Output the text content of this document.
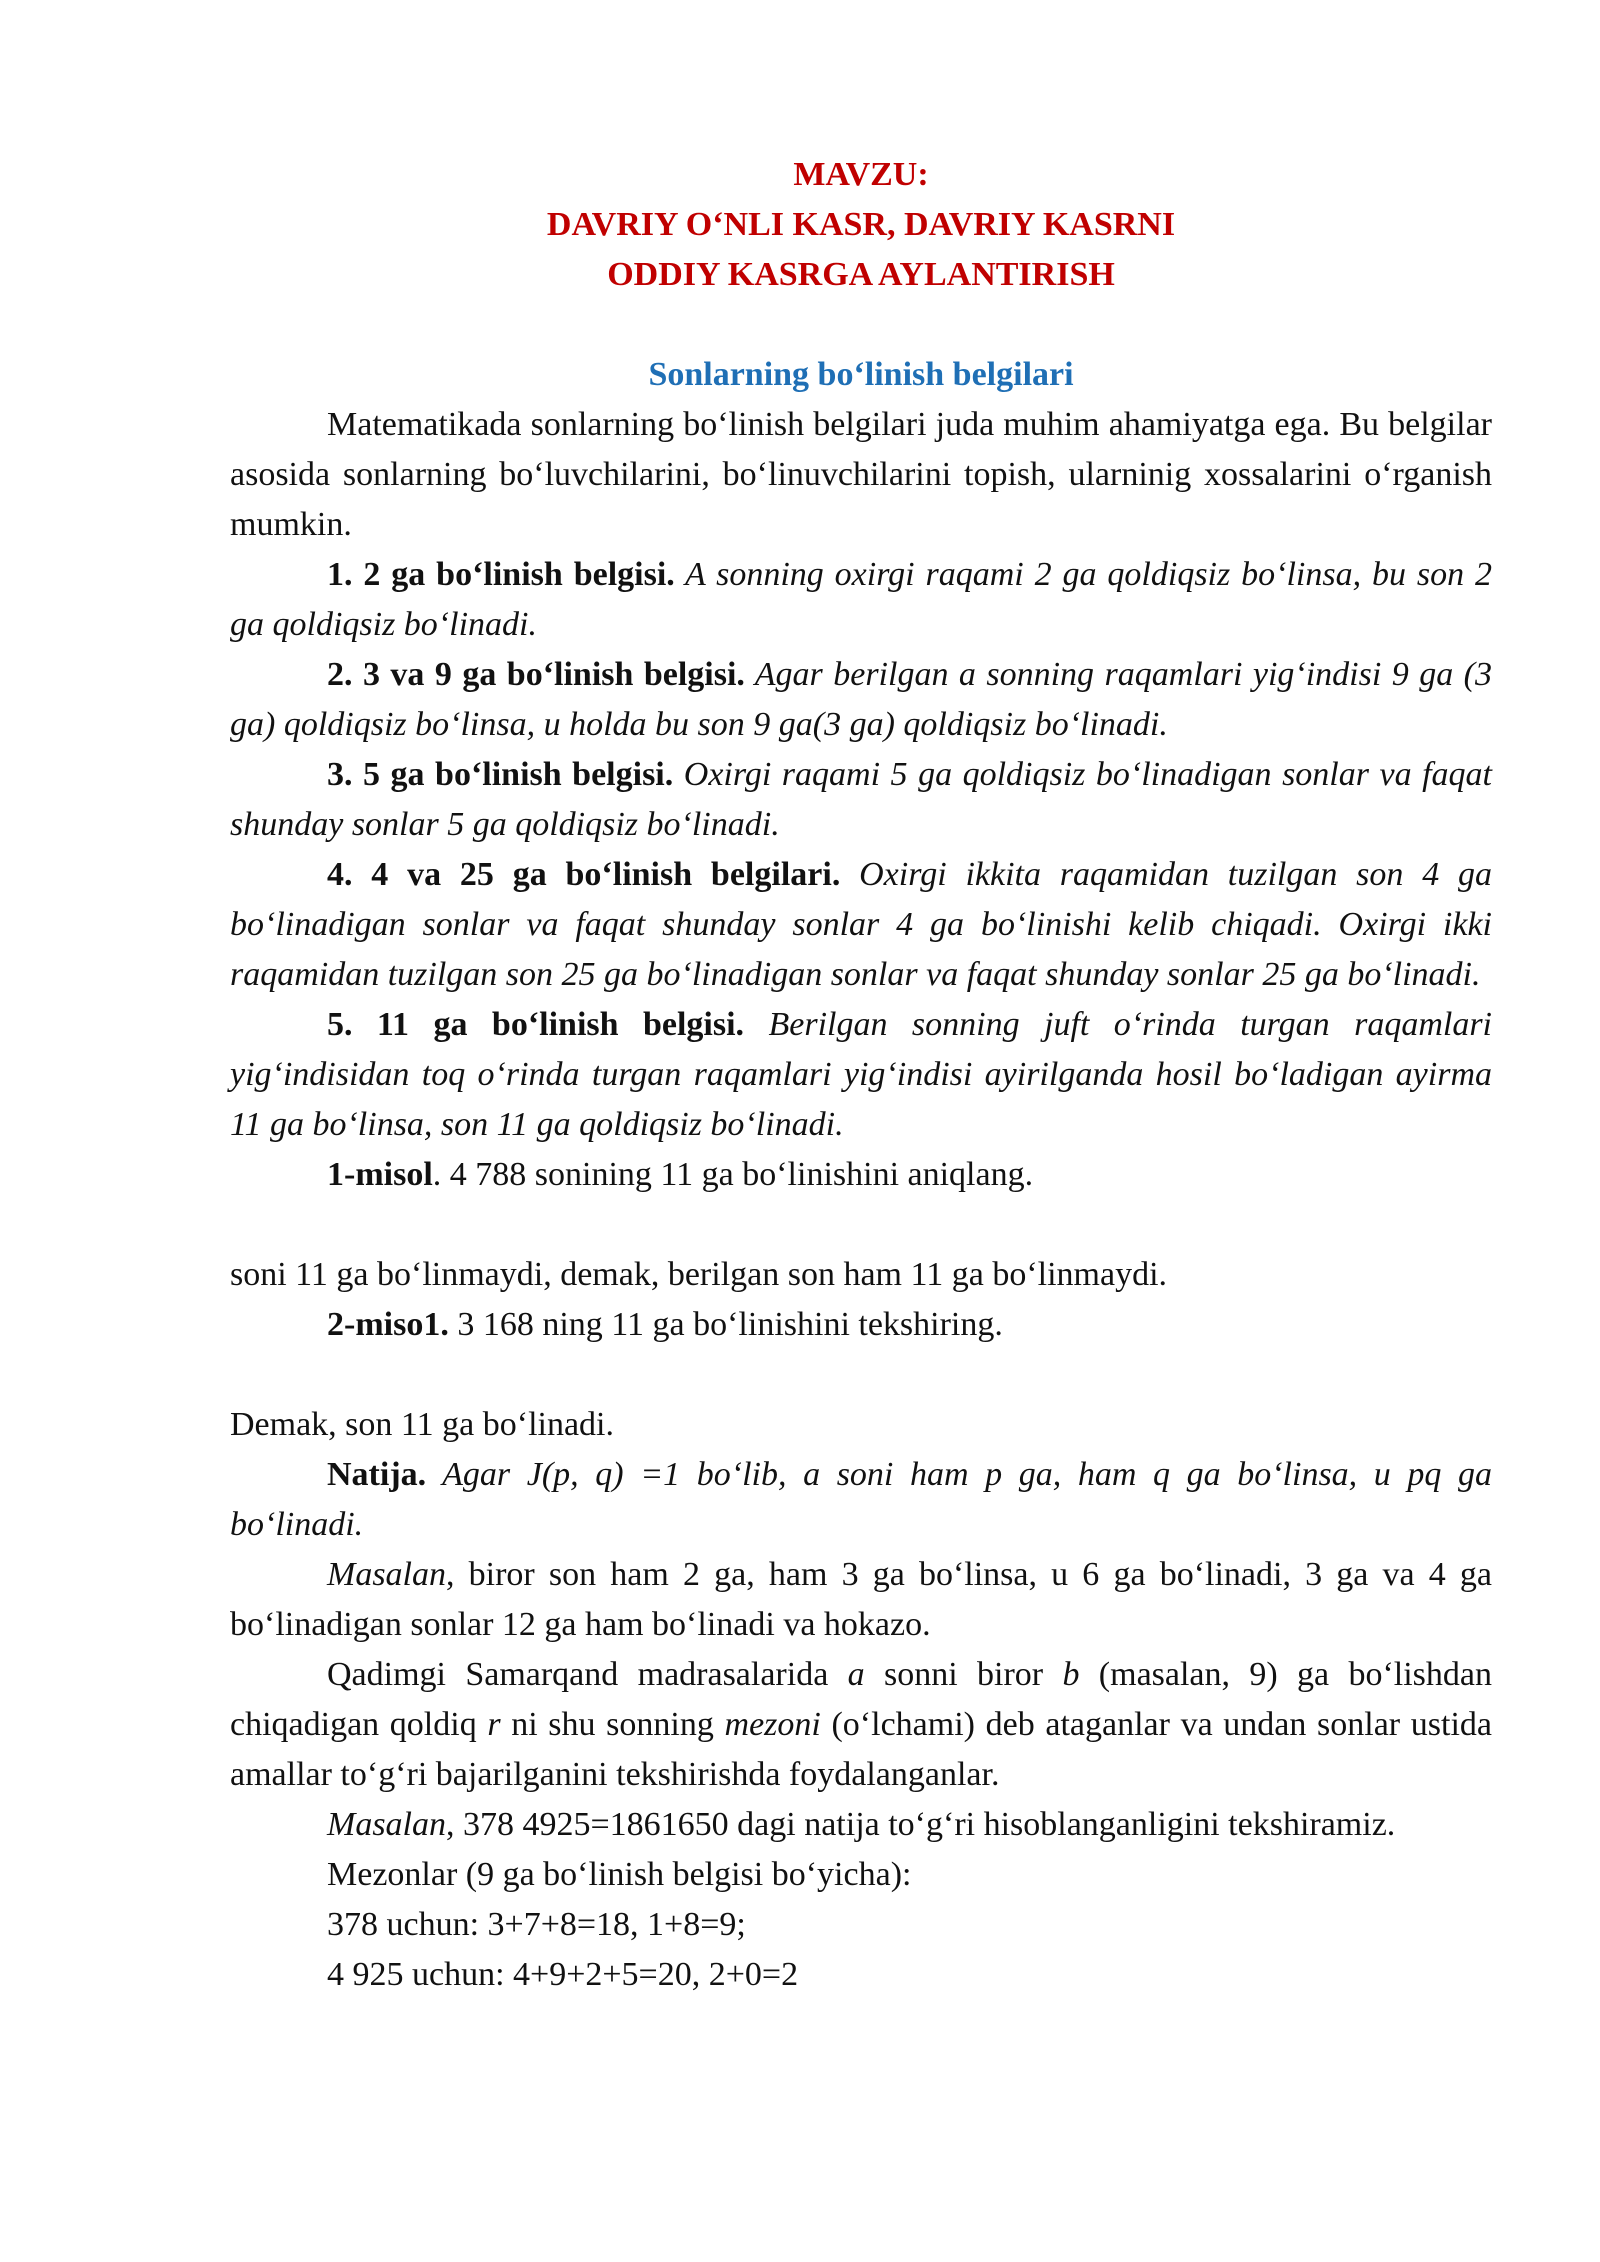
MAVZU:
DAVRIY O‘NLI KASR, DAVRIY KASRNI
ODDIY KASRGA AYLANTIRISH
Sonlarning bo‘linish belgilari

Matematikada sonlarning bo‘linish belgilari juda muhim ahamiyatga ega. Bu belgilar asosida sonlarning bo‘luvchilarini, bo‘linuvchilarini topish, ularninig xossalarini o‘rganish mumkin.

1. 2 ga bo‘linish belgisi. A sonning oxirgi raqami 2 ga qoldiqsiz bo‘linsa, bu son 2 ga qoldiqsiz bo‘linadi.

2. 3 va 9 ga bo‘linish belgisi. Agar berilgan a sonning raqamlari yig‘indisi 9 ga (3 ga) qoldiqsiz bo‘linsa, u holda bu son 9 ga(3 ga) qoldiqsiz bo‘linadi.

3. 5 ga bo‘linish belgisi. Oxirgi raqami 5 ga qoldiqsiz bo‘linadigan sonlar va faqat shunday sonlar 5 ga qoldiqsiz bo‘linadi.

4. 4 va 25 ga bo‘linish belgilari. Oxirgi ikkita raqamidan tuzilgan son 4 ga bo‘linadigan sonlar va faqat shunday sonlar 4 ga bo‘linishi kelib chiqadi. Oxirgi ikki raqamidan tuzilgan son 25 ga bo‘linadigan sonlar va faqat shunday sonlar 25 ga bo‘linadi.

5. 11 ga bo‘linish belgisi. Berilgan sonning juft o‘rinda turgan raqamlari yig‘indisidan toq o‘rinda turgan raqamlari yig‘indisi ayirilganda hosil bo‘ladigan ayirma 11 ga bo‘linsa, son 11 ga qoldiqsiz bo‘linadi.

1-misol. 4 788 sonining 11 ga bo‘linishini aniqlang.

soni 11 ga bo‘linmaydi, demak, berilgan son ham 11 ga bo‘linmaydi.

2-miso1. 3 168 ning 11 ga bo‘linishini tekshiring.

Demak, son 11 ga bo‘linadi.

Natija. Agar J(p, q) =1 bo‘lib, a soni ham p ga, ham q ga bo‘linsa, u pq ga bo‘linadi.

Masalan, biror son ham 2 ga, ham 3 ga bo‘linsa, u 6 ga bo‘linadi, 3 ga va 4 ga bo‘linadigan sonlar 12 ga ham bo‘linadi va hokazo.

Qadimgi Samarqand madrasalarida a sonni biror b (masalan, 9) ga bo‘lishdan chiqadigan qoldiq r ni shu sonning mezoni (o‘lchami) deb ataganlar va undan sonlar ustida amallar to‘g‘ri bajarilganini tekshirishda foydalanganlar.

Masalan, 378 4925=1861650 dagi natija to‘g‘ri hisoblanganligini tekshiramiz.

Mezonlar (9 ga bo‘linish belgisi bo‘yicha):
378 uchun: 3+7+8=18, 1+8=9;
4 925 uchun: 4+9+2+5=20, 2+0=2
